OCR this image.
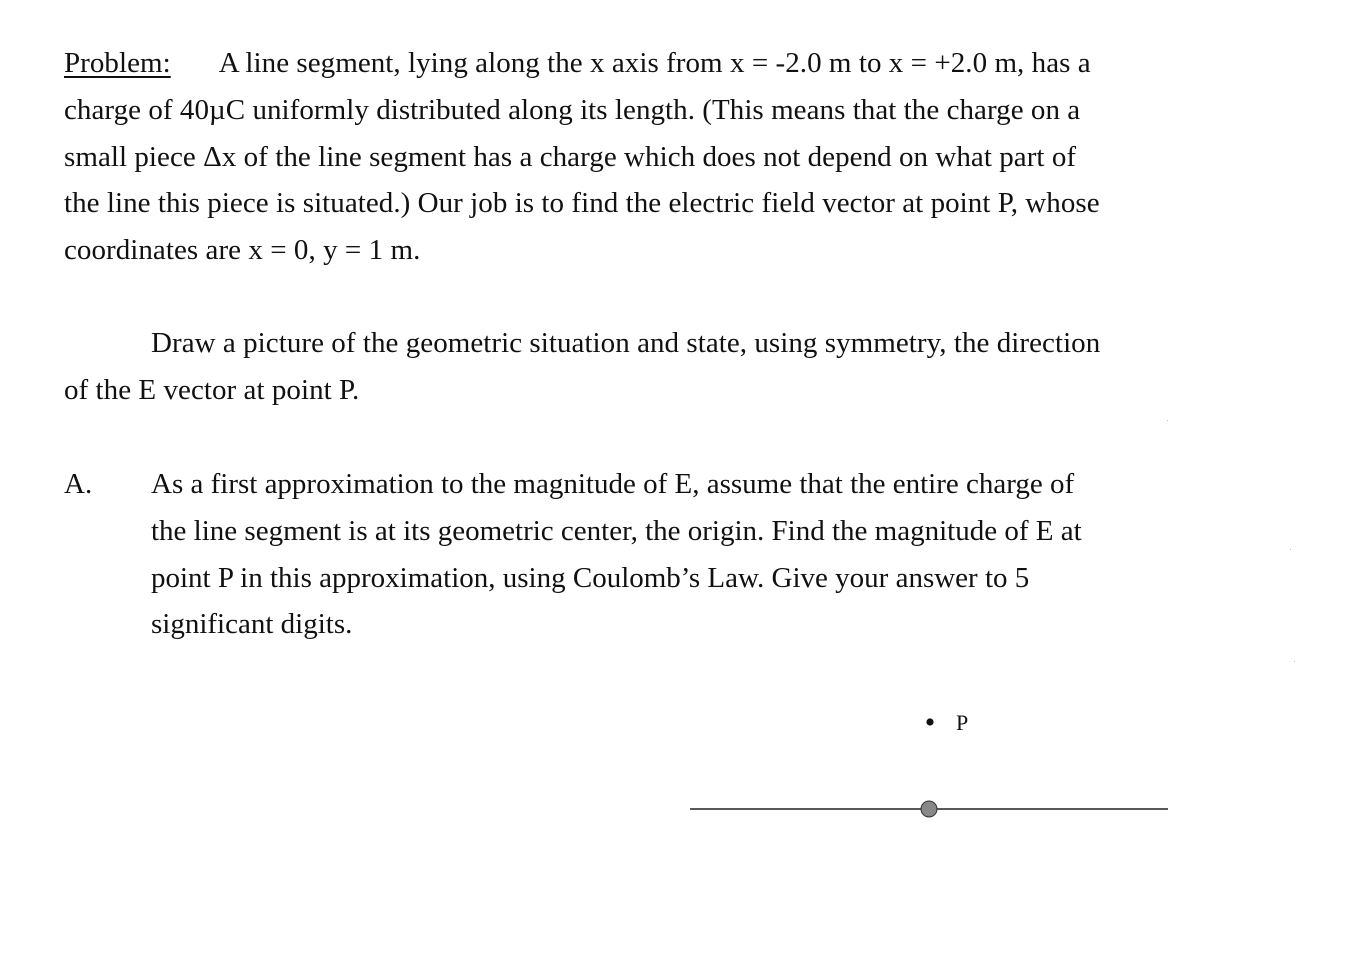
Problem: A line segment, lying along the x axis from x = -2.0 m to x = +2.0 m, has a
charge of 40µC uniformly distributed along its length. (This means that the charge on a
small piece Δx of the line segment has a charge which does not depend on what part of
the line this piece is situated.) Our job is to find the electric field vector at point P, whose
coordinates are x = 0, y = 1 m.
Draw a picture of the geometric situation and state, using symmetry, the direction
of the E vector at point P.
A. As a first approximation to the magnitude of E, assume that the entire charge of
the line segment is at its geometric center, the origin. Find the magnitude of E at
point P in this approximation, using Coulomb’s Law. Give your answer to 5
significant digits.
P
